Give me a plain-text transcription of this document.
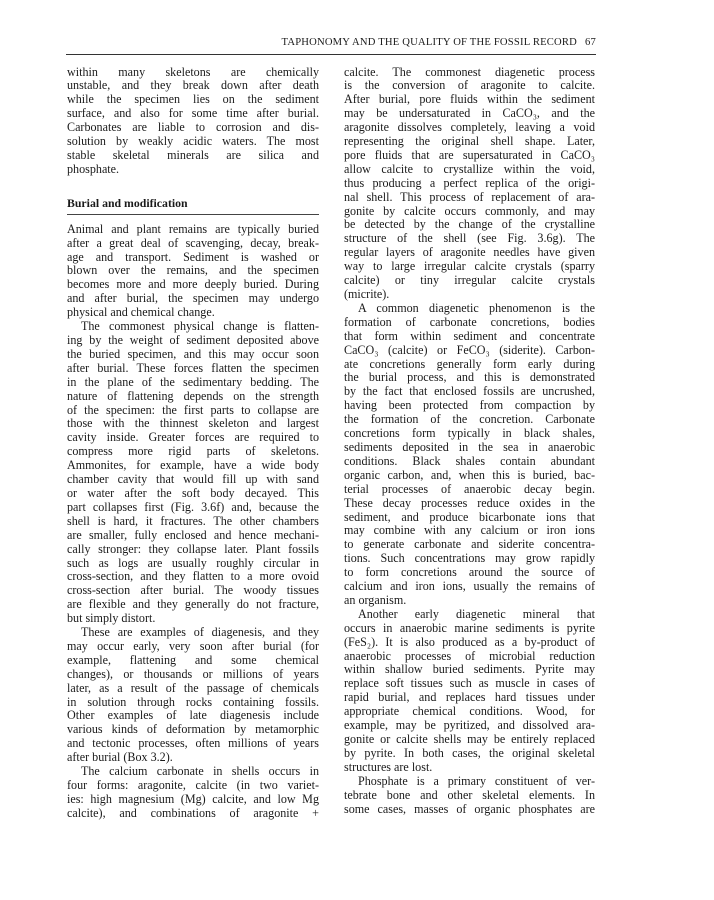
TAPHONOMY AND THE QUALITY OF THE FOSSIL RECORD 67

within many skeletons are chemically
unstable, and they break down after death
while the specimen lies on the sediment
surface, and also for some time after burial.
Carbonates are liable to corrosion and dis-
solution by weakly acidic waters. The most
stable skeletal minerals are silica and
phosphate.

Burial and modification

Animal and plant remains are typically buried
after a great deal of scavenging, decay, break-
age and transport. Sediment is washed or
blown over the remains, and the specimen
becomes more and more deeply buried. During
and after burial, the specimen may undergo
physical and chemical change.

The commonest physical change is flatten-
ing by the weight of sediment deposited above
the buried specimen, and this may occur soon
after burial. These forces flatten the specimen
in the plane of the sedimentary bedding. The
nature of flattening depends on the strength
of the specimen: the first parts to collapse are
those with the thinnest skeleton and largest
cavity inside. Greater forces are required to
compress more rigid parts of skeletons.
Ammonites, for example, have a wide body
chamber cavity that would fill up with sand
or water after the soft body decayed. This
part collapses first (Fig. 3.6f) and, because the
shell is hard, it fractures. The other chambers
are smaller, fully enclosed and hence mechani-
cally stronger: they collapse later. Plant fossils
such as logs are usually roughly circular in
cross-section, and they flatten to a more ovoid
cross-section after burial. The woody tissues
are flexible and they generally do not fracture,
but simply distort.

These are examples of diagenesis, and they
may occur early, very soon after burial (for
example, flattening and some chemical
changes), or thousands or millions of years
later, as a result of the passage of chemicals
in solution through rocks containing fossils.
Other examples of late diagenesis include
various kinds of deformation by metamorphic
and tectonic processes, often millions of years
after burial (Box 3.2).

The calcium carbonate in shells occurs in
four forms: aragonite, calcite (in two variet-
ies: high magnesium (Mg) calcite, and low Mg
calcite), and combinations of aragonite +

calcite. The commonest diagenetic process
is the conversion of aragonite to calcite.
After burial, pore fluids within the sediment
may be undersaturated in CaCO₃, and the
aragonite dissolves completely, leaving a void
representing the original shell shape. Later,
pore fluids that are supersaturated in CaCO₃
allow calcite to crystallize within the void,
thus producing a perfect replica of the origi-
nal shell. This process of replacement of ara-
gonite by calcite occurs commonly, and may
be detected by the change of the crystalline
structure of the shell (see Fig. 3.6g). The
regular layers of aragonite needles have given
way to large irregular calcite crystals (sparry
calcite) or tiny irregular calcite crystals
(micrite).

A common diagenetic phenomenon is the
formation of carbonate concretions, bodies
that form within sediment and concentrate
CaCO₃ (calcite) or FeCO₃ (siderite). Carbon-
ate concretions generally form early during
the burial process, and this is demonstrated
by the fact that enclosed fossils are uncrushed,
having been protected from compaction by
the formation of the concretion. Carbonate
concretions form typically in black shales,
sediments deposited in the sea in anaerobic
conditions. Black shales contain abundant
organic carbon, and, when this is buried, bac-
terial processes of anaerobic decay begin.
These decay processes reduce oxides in the
sediment, and produce bicarbonate ions that
may combine with any calcium or iron ions
to generate carbonate and siderite concentra-
tions. Such concentrations may grow rapidly
to form concretions around the source of
calcium and iron ions, usually the remains of
an organism.

Another early diagenetic mineral that
occurs in anaerobic marine sediments is pyrite
(FeS₂). It is also produced as a by-product of
anaerobic processes of microbial reduction
within shallow buried sediments. Pyrite may
replace soft tissues such as muscle in cases of
rapid burial, and replaces hard tissues under
appropriate chemical conditions. Wood, for
example, may be pyritized, and dissolved ara-
gonite or calcite shells may be entirely replaced
by pyrite. In both cases, the original skeletal
structures are lost.

Phosphate is a primary constituent of ver-
tebrate bone and other skeletal elements. In
some cases, masses of organic phosphates are
